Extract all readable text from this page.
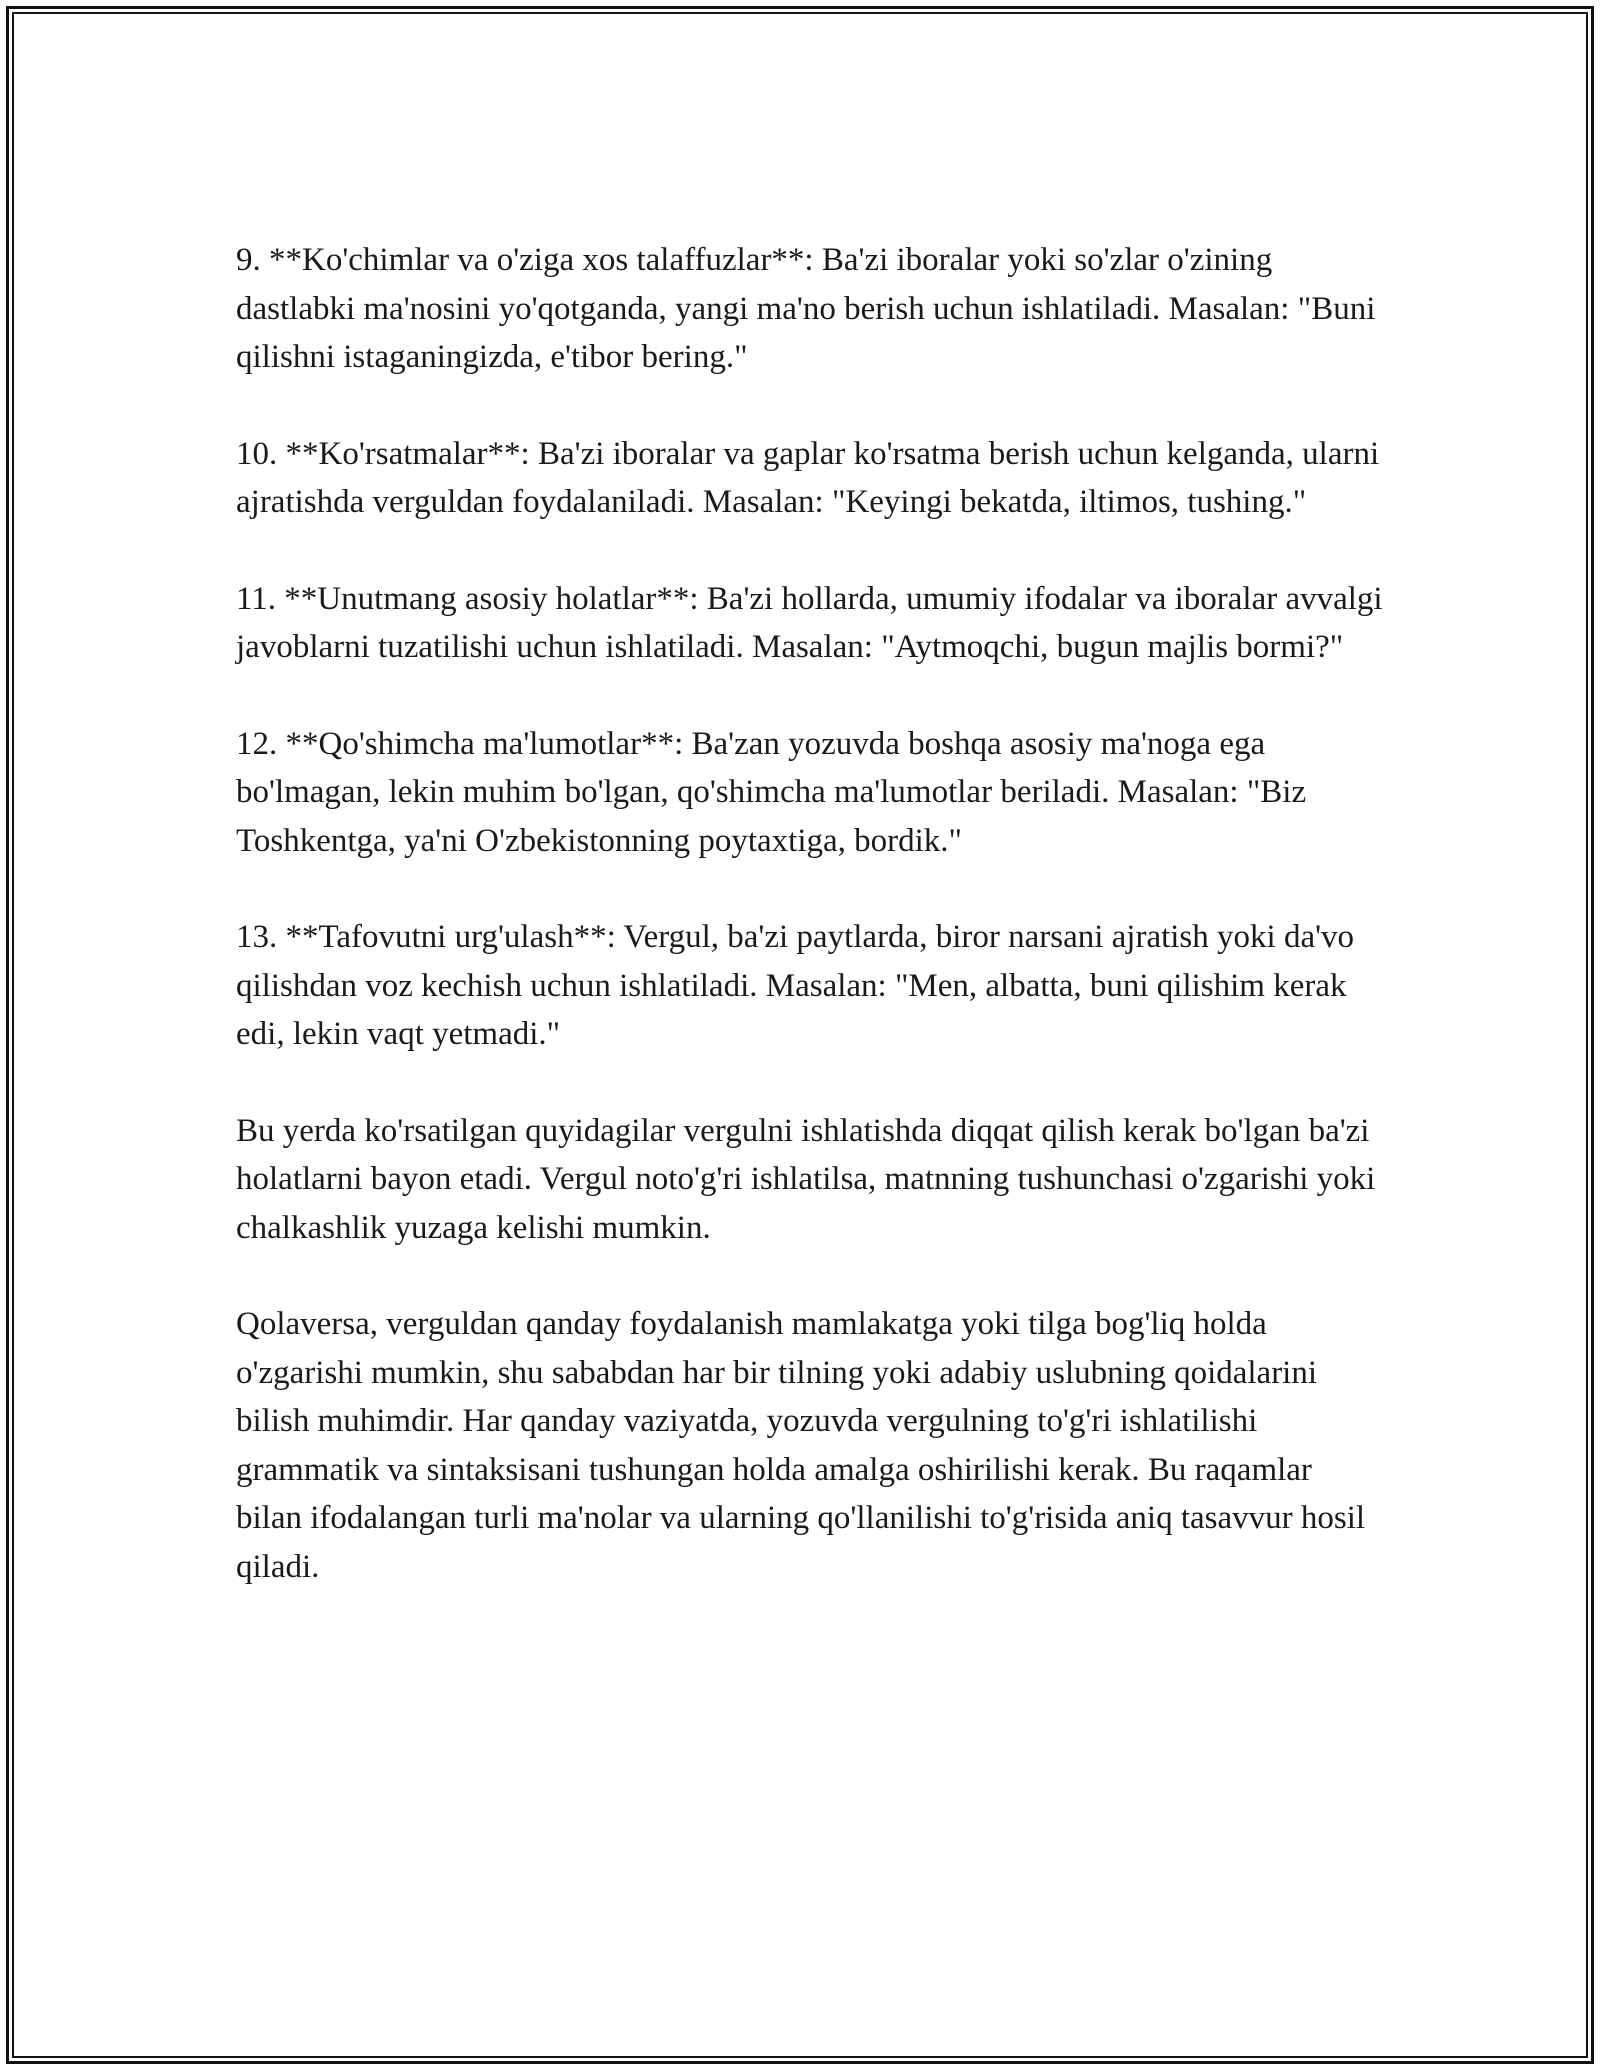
9. **Ko'chimlar va o'ziga xos talaffuzlar**: Ba'zi iboralar yoki so'zlar o'zining dastlabki ma'nosini yo'qotganda, yangi ma'no berish uchun ishlatiladi. Masalan: "Buni qilishni istaganingizda, e'tibor bering."

10. **Ko'rsatmalar**: Ba'zi iboralar va gaplar ko'rsatma berish uchun kelganda, ularni ajratishda verguldan foydalaniladi. Masalan: "Keyingi bekatda, iltimos, tushing."

11. **Unutmang asosiy holatlar**: Ba'zi hollarda, umumiy ifodalar va iboralar avvalgi javoblarni tuzatilishi uchun ishlatiladi. Masalan: "Aytmoqchi, bugun majlis bormi?"

12. **Qo'shimcha ma'lumotlar**: Ba'zan yozuvda boshqa asosiy ma'noga ega bo'lmagan, lekin muhim bo'lgan, qo'shimcha ma'lumotlar beriladi. Masalan: "Biz Toshkentga, ya'ni O'zbekistonning poytaxtiga, bordik."

13. **Tafovutni urg'ulash**: Vergul, ba'zi paytlarda, biror narsani ajratish yoki da'vo qilishdan voz kechish uchun ishlatiladi. Masalan: "Men, albatta, buni qilishim kerak edi, lekin vaqt yetmadi."

Bu yerda ko'rsatilgan quyidagilar vergulni ishlatishda diqqat qilish kerak bo'lgan ba'zi holatlarni bayon etadi. Vergul noto'g'ri ishlatilsa, matnning tushunchasi o'zgarishi yoki chalkashlik yuzaga kelishi mumkin.

Qolaversa, verguldan qanday foydalanish mamlakatga yoki tilga bog'liq holda o'zgarishi mumkin, shu sababdan har bir tilning yoki adabiy uslubning qoidalarini bilish muhimdir. Har qanday vaziyatda, yozuvda vergulning to'g'ri ishlatilishi grammatik va sintaksisani tushungan holda amalga oshirilishi kerak. Bu raqamlar bilan ifodalangan turli ma'nolar va ularning qo'llanilishi to'g'risida aniq tasavvur hosil qiladi.
